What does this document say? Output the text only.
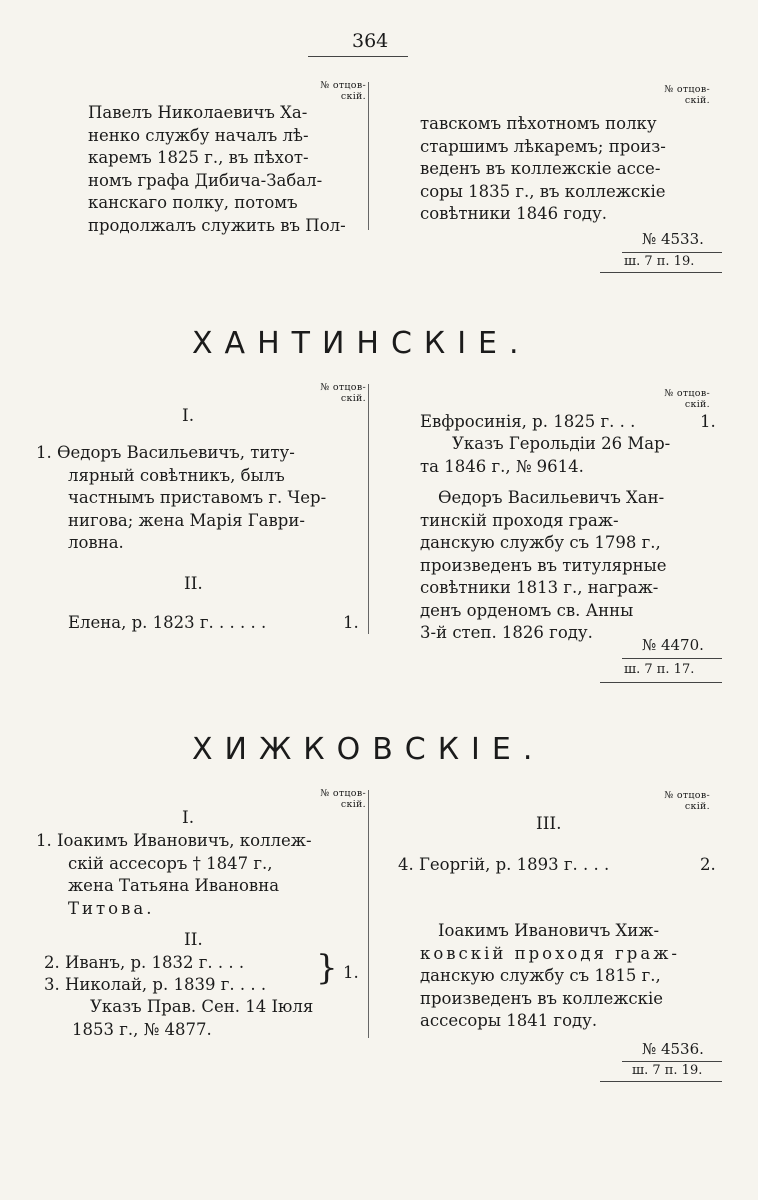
364
№ отцов-
скій.
№ отцов-
скій.
Павелъ Николаевичъ Ха-
ненко службу началъ лѣ-
каремъ 1825 г., въ пѣхот-
номъ графа Дибича-Забал-
канскаго полку, потомъ
продолжалъ служить въ Пол-
тавскомъ пѣхотномъ полку
старшимъ лѣкаремъ; произ-
веденъ въ коллежскіе ассе-
соры 1835 г., въ коллежскіе
совѣтники 1846 году.
№ 4533.
ш. 7 п. 19.
ХАНТИНСКІЕ.
№ отцов-
скій.	№ отцов-
скій.
I.
1. Ѳедоръ Васильевичъ, титу-
лярный совѣтникъ, былъ
частнымъ приставомъ г. Чер-
нигова; жена Марія Гаври-
ловна.
II.
Елена, р. 1823 г. . . . . .	1.
Евфросинія, р. 1825 г. . .	1.
Указъ Герольдіи 26 Мар-
та 1846 г., № 9614.
Ѳедоръ Васильевичъ Хан-
тинскій проходя граж-
данскую службу съ 1798 г.,
произведенъ въ титулярные
совѣтники 1813 г., награж-
денъ орденомъ св. Анны
3-й степ. 1826 году.
№ 4470.
ш. 7 п. 17.
ХИЖКОВСКІЕ.
№ отцов-
скій.
№ отцов-
скій.
I.
1. Іоакимъ Ивановичъ, коллеж-
скій ассесоръ † 1847 г.,
жена Татьяна Ивановна
Титова.
II.
2. Иванъ, р. 1832 г. . . .
3. Николай, р. 1839 г. . . . } 1.
Указъ Прав. Сен. 14 Іюля
1853 г., № 4877.
III.
4. Георгій, р. 1893 г. . . .	2.
Іоакимъ Ивановичъ Хиж-
ковскій проходя граж-
данскую службу съ 1815 г.,
произведенъ въ коллежскіе
ассесоры 1841 году.
№ 4536.
ш. 7 п. 19.
